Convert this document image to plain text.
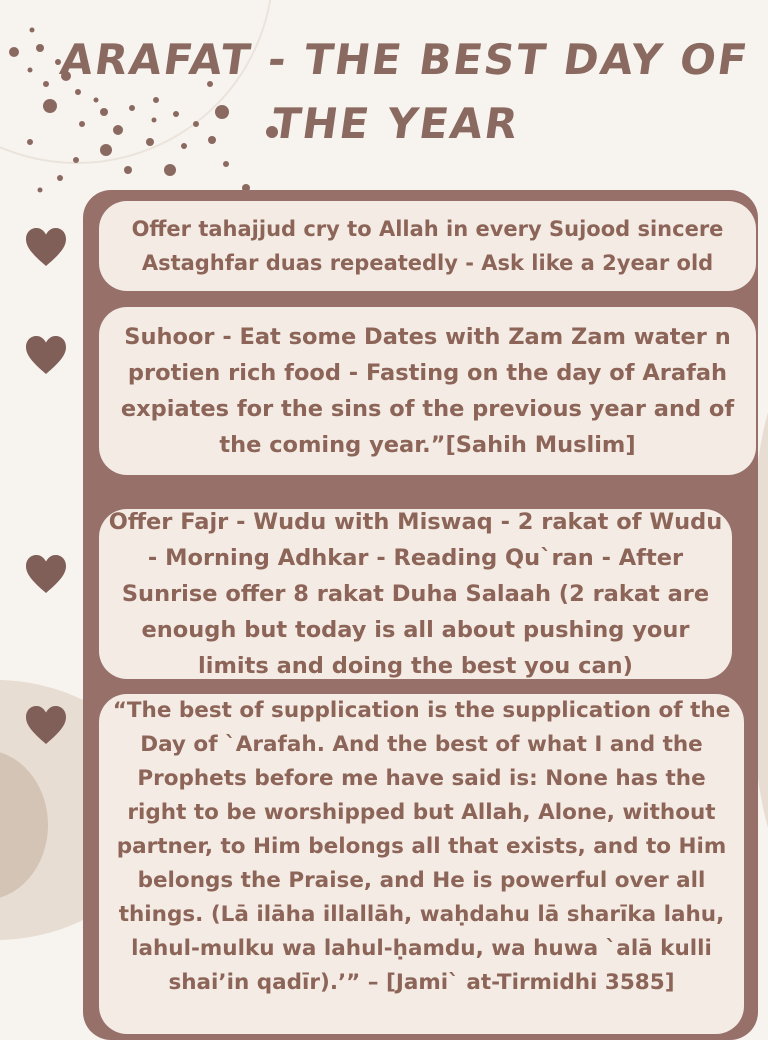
ARAFAT - THE BEST DAY OF THE YEAR

Offer tahajjud cry to Allah in every Sujood sincere Astaghfar duas repeatedly - Ask like a 2year old

Suhoor - Eat some Dates with Zam Zam water n protien rich food - Fasting on the day of Arafah expiates for the sins of the previous year and of the coming year.”[Sahih Muslim]

Offer Fajr - Wudu with Miswaq - 2 rakat of Wudu - Morning Adhkar - Reading Qu`ran - After Sunrise offer 8 rakat Duha Salaah (2 rakat are enough but today is all about pushing your limits and doing the best you can)

“The best of supplication is the supplication of the Day of `Arafah. And the best of what I and the Prophets before me have said is: None has the right to be worshipped but Allah, Alone, without partner, to Him belongs all that exists, and to Him belongs the Praise, and He is powerful over all things. (Lā ilāha illallāh, waḥdahu lā sharīka lahu, lahul-mulku wa lahul-ḥamdu, wa huwa `alā kulli shai’in qadīr).’” – [Jami` at-Tirmidhi 3585]
